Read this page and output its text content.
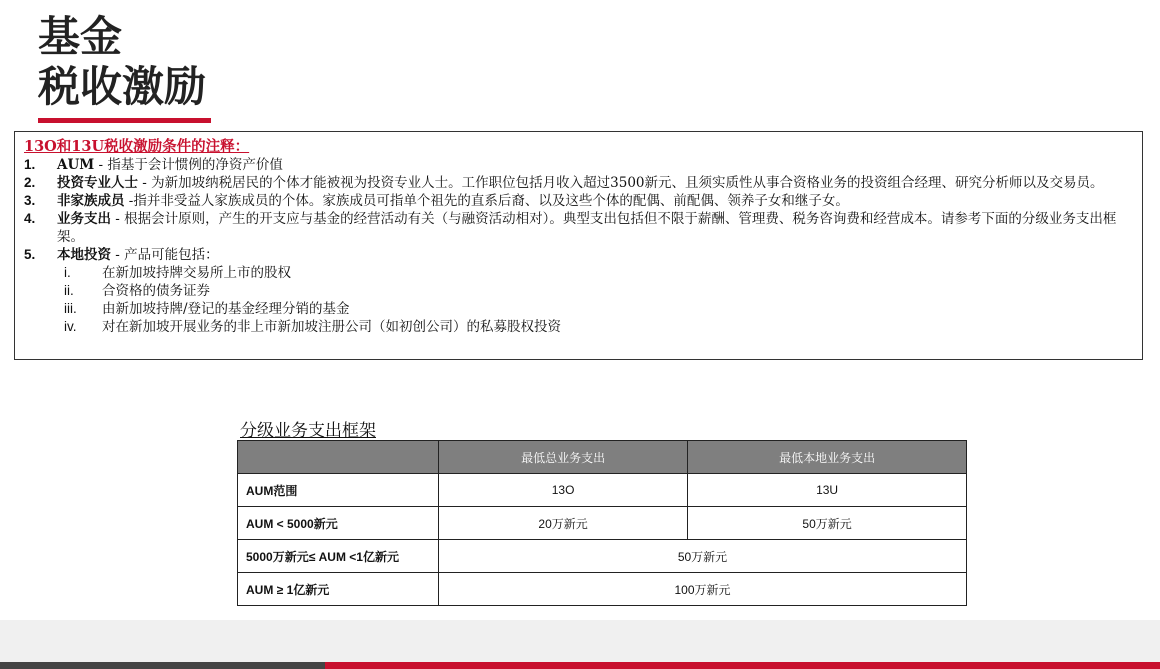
基金
税收激励
13O和13U税收激励条件的注释：
1. AUM - 指基于会计惯例的净资产价值
2. 投资专业人士 - 为新加坡纳税居民的个体才能被视为投资专业人士。工作职位包括月收入超过3500新元、且须实质性从事合资格业务的投资组合经理、研究分析师以及交易员。
3. 非家族成员 -指并非受益人家族成员的个体。家族成员可指单个祖先的直系后裔、以及这些个体的配偶、前配偶、领养子女和继子女。
4. 业务支出 - 根据会计原则，产生的开支应与基金的经营活动有关（与融资活动相对）。典型支出包括但不限于薪酬、管理费、税务咨询费和经营成本。请参考下面的分级业务支出框架。
5. 本地投资 - 产品可能包括：
i. 在新加坡持牌交易所上市的股权
ii. 合资格的债务证券
iii. 由新加坡持牌/登记的基金经理分销的基金
iv. 对在新加坡开展业务的非上市新加坡注册公司（如初创公司）的私募股权投资
分级业务支出框架
	最低总业务支出	最低本地业务支出
AUM范围	13O	13U
AUM < 5000新元	20万新元	50万新元
5000万新元≤ AUM <1亿新元	50万新元	
AUM ≥ 1亿新元	100万新元	
